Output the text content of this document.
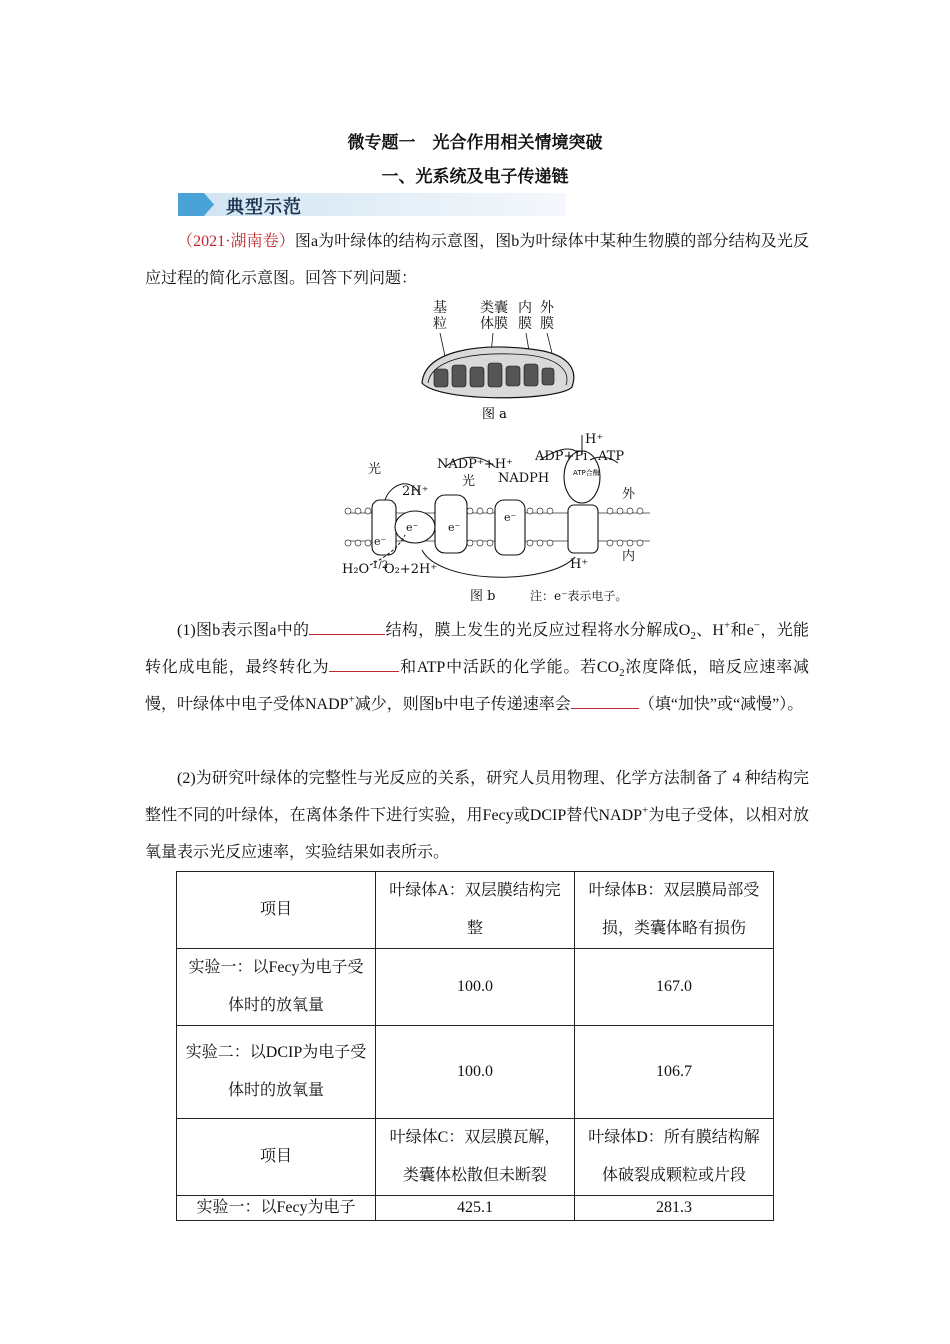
微专题一　光合作用相关情境突破
一、光系统及电子传递链
典型示范
（2021·湖南卷）图a为叶绿体的结构示意图，图b为叶绿体中某种生物膜的部分结构及光反应过程的简化示意图。回答下列问题：
基
粒
类囊
体膜
内
膜
外
膜
图 a
ATP合酶
光
2H⁺
NADP⁺+H⁺
光 NADPH
ADP+Pi ATP
H⁺
H⁺
外
内
H₂O 1/2
O₂+2H⁺
e⁻
e⁻	e⁻
e⁻
图 b	注：e⁻表示电子。
(1)图b表示图a中的	结构，膜上发生的光反应过程将水分解成$O_2$、H+和e−，光能转化成电能，最终转化为	和ATP中活跃的化学能。若$CO_2$浓度降低，暗反应速率减慢，叶绿体中电子受体NADP+减少，则图b中电子传递速率会	（填“加快”或“减慢”）。
(2)为研究叶绿体的完整性与光反应的关系，研究人员用物理、化学方法制备了 4 种结构完整性不同的叶绿体，在离体条件下进行实验，用Fecy或DCIP替代NADP+为电子受体，以相对放氧量表示光反应速率，实验结果如表所示。
项目	叶绿体A：双层膜结构完整	叶绿体B：双层膜局部受损，类囊体略有损伤
实验一：以Fecy为电子受体时的放氧量	100.0	167.0
实验二：以DCIP为电子受体时的放氧量	100.0	106.7
项目	叶绿体C：双层膜瓦解，类囊体松散但未断裂	叶绿体D：所有膜结构解体破裂成颗粒或片段
实验一：以Fecy为电子	425.1	281.3
